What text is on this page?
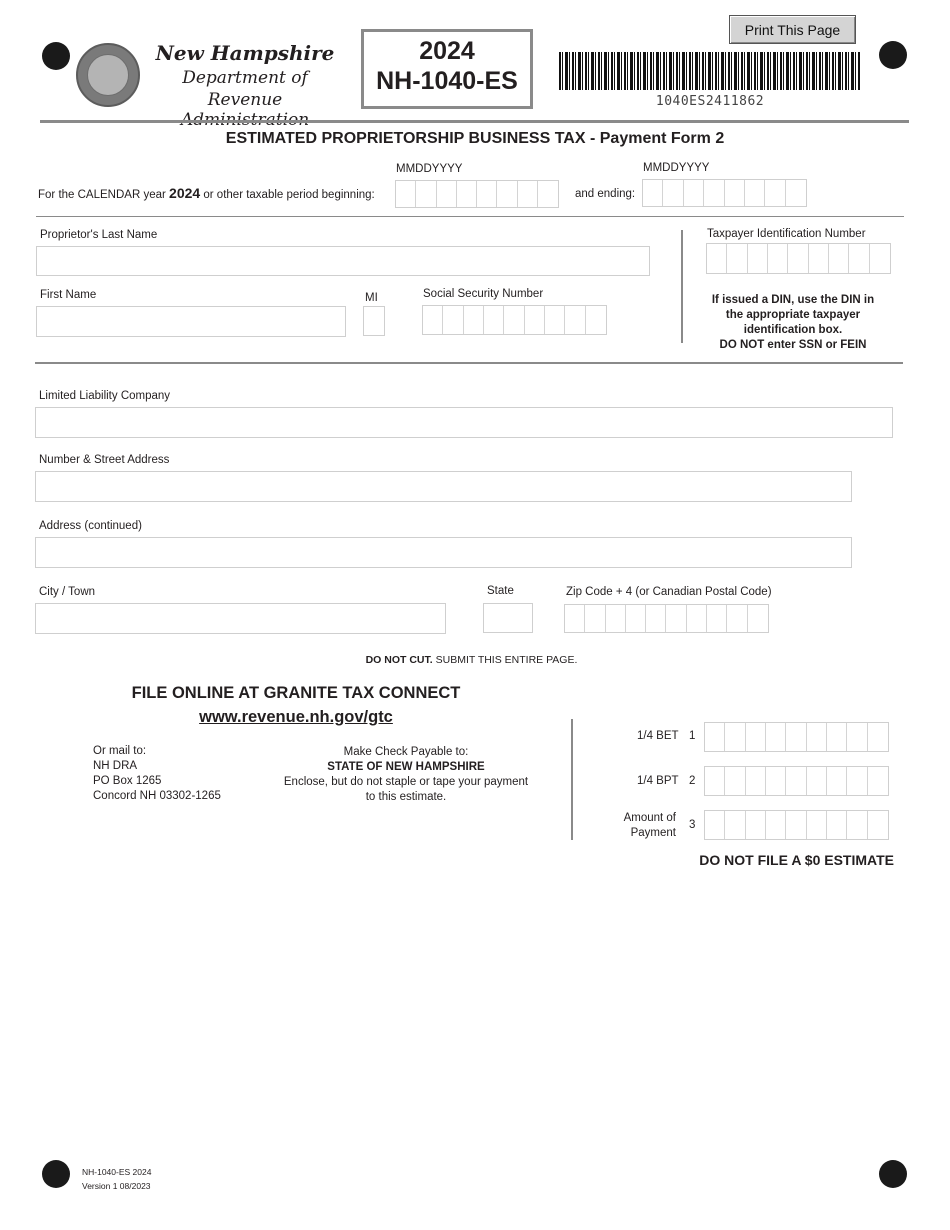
New Hampshire
Department of
Revenue Administration
2024
NH-1040-ES
Print This Page
1040ES2411862
ESTIMATED PROPRIETORSHIP BUSINESS TAX - Payment Form 2
MMDDYYYY	MMDDYYYY
For the CALENDAR year 2024 or other taxable period beginning:	and ending:
Proprietor's Last Name	Taxpayer Identification Number
First Name	MI	Social Security Number	If issued a DIN, use the DIN in
the appropriate taxpayer
identification box.
DO NOT enter SSN or FEIN
Limited Liability Company
Number & Street Address
Address (continued)
City / Town	State	Zip Code + 4 (or Canadian Postal Code)
DO NOT CUT. SUBMIT THIS ENTIRE PAGE.
FILE ONLINE AT GRANITE TAX CONNECT
www.revenue.nh.gov/gtc
Or mail to:
NH DRA
PO Box 1265
Concord NH 03302-1265
Make Check Payable to:
STATE OF NEW HAMPSHIRE
Enclose, but do not staple or tape your payment
to this estimate.
1/4 BET 1
1/4 BPT 2
Amount of
Payment
3
DO NOT FILE A $0 ESTIMATE
NH-1040-ES 2024
Version 1 08/2023
